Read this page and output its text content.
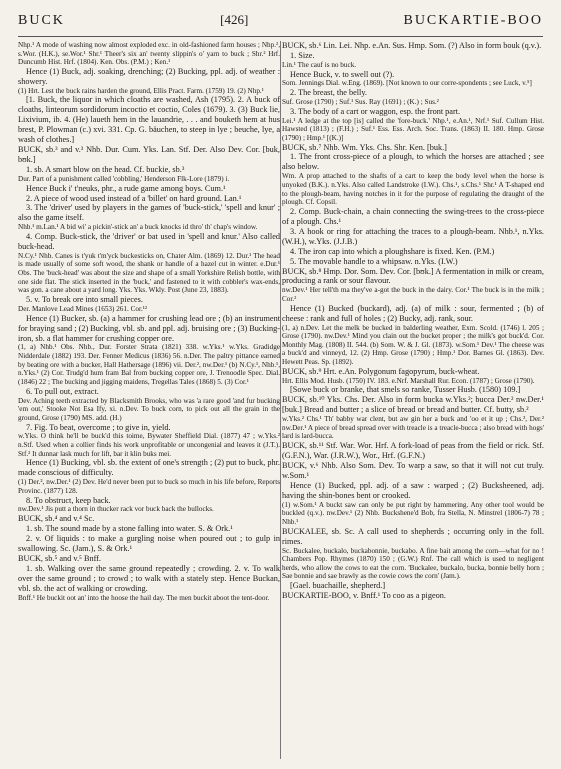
BUCK	[426]	BUCKARTIE-BOO

Nhp.¹ A mode of washing now almost exploded exc. in old-fashioned farm houses ; Nhp.², s.Wor. (H.K.), se.Wor.¹ Shr.¹ Theer's six an' twenty slippin's o' yarn to buck ; Shr.² Hrf. Duncumb Hist. Hrf. (1804). Ken. Obs. (P.M.) ; Ken.¹

Hence (1) Buck, adj. soaking, drenching; (2) Bucking, ppl. adj. of weather : showery.

(1) Hrt. Lest the buck rains harden the ground, Ellis Pract. Farm. (1759) 19. (2) Nhp.¹

[1. Buck, the liquor in which cloaths are washed, Ash (1795). 2. A buck of cloaths, linteorum sordidorum incoctio et coctio, Coles (1679). 3. (3) Buck lie, Lixivium, ib. 4. (He) laueth hem in the lauandrie, . . . and bouketh hem at hus brest, P. Plowman (c.) xvi. 331. Cp. G. bäuchen, to steep in lye ; beuche, lye, a wash of clothes.]

BUCK, sb.³ and v.³ Nhb. Dur. Cum. Yks. Lan. Stf. Der. Also Dev. Cor. [buk, bʊk.]

1. sb. A smart blow on the head. Cf. buckie, sb.³

Dur. Part of a punishment called 'cobbling,' Henderson Flk-Lore (1879) i.

Hence Buck i' t'neuks, phr., a rude game among boys. Cum.¹

2. A piece of wood used instead of a 'billet' on hard ground. Lan.¹

3. The 'driver' used by players in the games of 'buck-stick,' 'spell and knur' ; also the game itself.

Nhb.¹ m.Lan.¹ A bid wi' a pickin'-stick an' a buck knocks id thro' th' chap's window.

4. Comp. Buck-stick, the 'driver' or bat used in 'spell and knur.' Also called buck-head.

N.Cy.¹ Nhb. Canes is t'yuk t'm'yck buckesticks on, Chater Alm. (1869) 12. Dur.¹ The head is made usually of some soft wood, the shank or handle of a hazel cut in winter. e.Dur.¹ Obs. The 'buck-head' was about the size and shape of a small Yorkshire Relish bottle, with one side flat. The stick inserted in the 'buck,' and fastened to it with cobbler's wax-ends, was gon. a cane about a yard long. Yks. Yks. Wkly. Post (June 23, 1883).

5. v. To break ore into small pieces.

Der. Manlove Lead Mines (1653) 261. Cor.¹²

Hence (1) Bucker, sb. (a) a hammer for crushing lead ore ; (b) an instrument for braying sand ; (2) Bucking, vbl. sb. and ppl. adj. bruising ore ; (3) Bucking-iron, sb. a flat hammer for crushing copper ore.

(1, a) Nhb.¹ Obs. Nhb., Dur. Forster Strata (1821) 338. w.Yks.¹ w.Yks. Gradidge Nidderdale (1882) 193. Der. Fenner Medicus (1836) 56. n.Der. The paltry pittance earned by beating ore with a bucker, Hall Hathersage (1896) vii. Der.², nw.Der.¹ (b) N.Cy.¹, Nhb.¹, n.Yks.¹ (2) Cor. Trudg'd hum fram Bal from bucking copper ore, J. Trenoodle Spec. Dial. (1846) 22 ; The bucking and jigging maidens, Tregellas Tales (1868) 5. (3) Cor.¹

6. To pull out, extract.

Dev. Aching teeth extracted by Blacksmith Brooks, who was 'a rare good 'and fur bucking 'em out,' Stooke Not Esa Ify, xi. n.Dev. To buck corn, to pick out all the grain in the ground, Grose (1790) MS. add. (H.)

7. Fig. To beat, overcome ; to give in, yield.

w.Yks. O think he'll be buck'd this toime, Bywater Sheffield Dial. (1877) 47 ; w.Yks.² n.Stf. Used when a collier finds his work unprofitable or uncongenial and leaves it (J.T.). Stf.² It dunnar lask much for lift, bar it klin buks mei.

Hence (1) Bucking, vbl. sb. the extent of one's strength ; (2) put to buck, phr. made conscious of difficulty.

(1) Der.², nw.Der.¹ (2) Dev. He'd never been put to buck so much in his life before, Reports Provinc. (1877) 128.

8. To obstruct, keep back.

nw.Dev.¹ Jis putt a thorn in thucker rack vor buck back the bullocks.

BUCK, sb.⁴ and v.⁴ Sc.

1. sb. The sound made by a stone falling into water. S. & Ork.¹

2. v. Of liquids : to make a gurgling noise when poured out ; to gulp in swallowing. Sc. (Jam.), S. & Ork.¹

BUCK, sb.⁵ and v.⁵ Bnff.

1. sb. Walking over the same ground repeatedly ; crowding. 2. v. To walk over the same ground ; to crowd ; to walk with a stately step. Hence Buckan, vbl. sb. the act of walking or crowding.

Bnff.¹ He buckit oot an' into the hoose the hail day. The men buckit aboot the tent-door.

BUCK, sb.⁶ Lin. Lei. Nhp. e.An. Sus. Hmp. Som. (?) Also in form bouk (q.v.).

1. Size.

Lin.¹ The cauf is no buck.

Hence Buck, v. to swell out (?).

Som. Jennings Dial. w.Eng. (1869). [Not known to our corre-spondents ; see Luck, v.⁵]

2. The breast, the belly.

Suf. Grose (1790) ; Suf.¹ Sus. Ray (1691) ; (K.) ; Sus.²

3. The body of a cart or waggon, esp. the front part.

Lei.¹ A ledge at the top [is] called the 'fore-buck.' Nhp.¹, e.An.¹, Nrf.¹ Suf. Cullum Hist. Hawsted (1813) ; (F.H.) ; Suf.¹ Ess. Ess. Arch. Soc. Trans. (1863) II. 180. Hmp. Grose (1790) ; Hmp.¹ [(K.)]

BUCK, sb.⁷ Nhb. Wm. Yks. Chs. Shr. Ken. [buk.]

1. The front cross-piece of a plough, to which the horses are attached ; see also below.

Wm. A prop attached to the shafts of a cart to keep the body level when the horse is unyoked (B.K.). n.Yks. Also called Landstroke (I.W.). Chs.¹, s.Chs.¹ Shr.¹ A T-shaped end to the plough-beam, having notches in it for the purpose of regulating the draught of the plough. Cf. Copsil.

2. Comp. Buck-chain, a chain connecting the swing-trees to the cross-piece of a plough. Chs.¹

3. A hook or ring for attaching the traces to a plough-beam. Nhb.¹, n.Yks. (W.H.), w.Yks. (J.J.B.)

4. The iron cap into which a ploughshare is fixed. Ken. (P.M.)

5. The movable handle to a whipsaw. n.Yks. (I.W.)

BUCK, sb.⁸ Hmp. Dor. Som. Dev. Cor. [bʊk.] A fermentation in milk or cream, producing a rank or sour flavour.

nw.Dev.¹ Her tell'th ma they've a-got the buck in the dairy. Cor.¹ The buck is in the milk ; Cor.²

Hence (1) Bucked (buckard), adj. (a) of milk : sour, fermented ; (b) of cheese : rank and full of holes ; (2) Bucky, adj. rank, sour.

(1, a) n.Dev. Let the melk be bucked in balderling weather, Exm. Scold. (1746) l. 205 ; Grose (1790). nw.Dev.¹ Mind you clain out the bucket proper ; the milk's got buck'd. Cor. Monthly Mag. (1808) II. 544. (b) Som. W. & J. Gl. (1873). w.Som.¹ Dev.¹ The cheese was a buck'd and vinneyd, 12. (2) Hmp. Grose (1790) ; Hmp.¹ Dor. Barnes Gl. (1863). Dev. Hewett Peas. Sp. (1892).

BUCK, sb.⁹ Hrt. e.An. Polygonum fagopyrum, buck-wheat.

Hrt. Ellis Mod. Husb. (1750) IV. 183. e.Nrf. Marshall Rur. Econ. (1787) ; Grose (1790).

[Sowe buck or branke, that smels so ranke, Tusser Husb. (1580) 109.]

BUCK, sb.¹⁰ Yks. Chs. Der. Also in form bucka w.Yks.²; bucca Der.² nw.Der.¹ [buk.] Bread and butter ; a slice of bread or bread and butter. Cf. butty, sb.²

w.Yks.² Chs.¹ Th' babby war clent, but aw gin her a buck and 'oo et it up ; Chs.³, Der.² nw.Der.¹ A piece of bread spread over with treacle is a treacle-bucca ; also bread with hogs' lard is lard-bucca.

BUCK, sb.¹¹ Stf. War. Wor. Hrf. A fork-load of peas from the field or rick. Stf. (G.F.N.), War. (J.R.W.), Wor., Hrf. (G.F.N.)

BUCK, v.⁶ Nhb. Also Som. Dev. To warp a saw, so that it will not cut truly. w.Som.¹

Hence (1) Bucked, ppl. adj. of a saw : warped ; (2) Bucksheened, adj. having the shin-bones bent or crooked.

(1) w.Som.¹ A buckt saw can only be put right by hammering. Any other tool would be buckled (q.v.). nw.Dev.¹ (2) Nhb. Buckshene'd Bob, fra Stella, N. Minstrel (1806-7) 78 ; Nhb.¹

BUCKALEE, sb. Sc. A call used to shepherds ; occurring only in the foll. rimes.

Sc. Buckalee, buckalo, buckabonnie, buckabo. A fine bait among the corn—what for no ! Chambers Pop. Rhymes (1870) 150 ; (G.W.) Rnf. The call which is used to negligent herds, who allow the cows to eat the corn. 'Buckalee, buckalo, bucka, bonnie belly horn ; Sae bonnie and sae brawly as the cowie cows the corn' (Jam.).

[Gael. buachaille, shepherd.]

BUCKARTIE-BOO, v. Bnff.¹ To coo as a pigeon.
